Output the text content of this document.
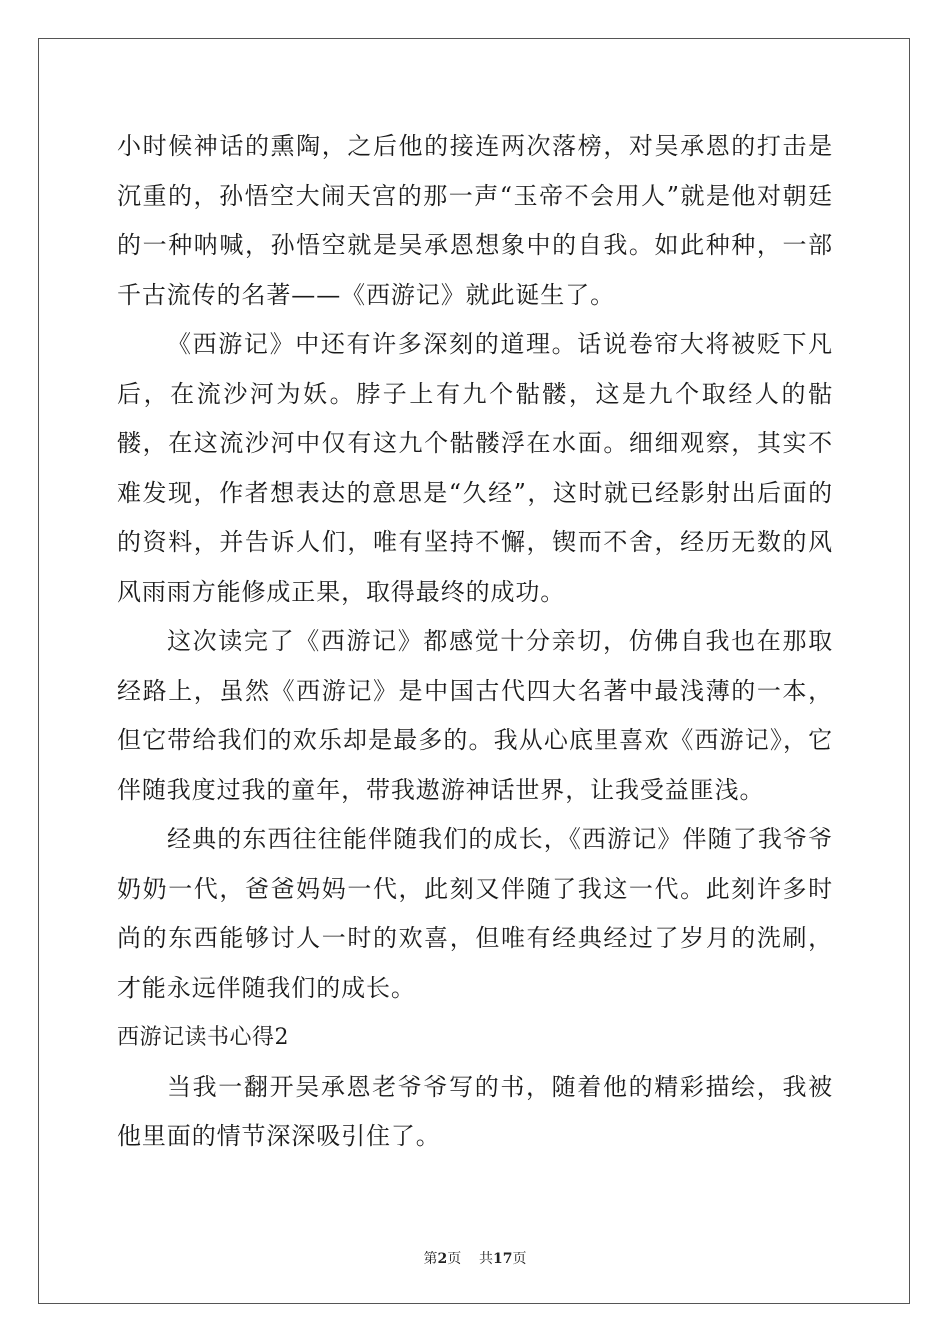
小时候神话的熏陶，之后他的接连两次落榜，对吴承恩的打击是沉重的，孙悟空大闹天宫的那一声“玉帝不会用人”就是他对朝廷的一种呐喊，孙悟空就是吴承恩想象中的自我。如此种种，一部千古流传的名著——《西游记》就此诞生了。

《西游记》中还有许多深刻的道理。话说卷帘大将被贬下凡后，在流沙河为妖。脖子上有九个骷髅，这是九个取经人的骷髅，在这流沙河中仅有这九个骷髅浮在水面。细细观察，其实不难发现，作者想表达的意思是“久经”，这时就已经影射出后面的的资料，并告诉人们，唯有坚持不懈，锲而不舍，经历无数的风风雨雨方能修成正果，取得最终的成功。

这次读完了《西游记》都感觉十分亲切，仿佛自我也在那取经路上，虽然《西游记》是中国古代四大名著中最浅薄的一本，但它带给我们的欢乐却是最多的。我从心底里喜欢《西游记》，它伴随我度过我的童年，带我遨游神话世界，让我受益匪浅。

经典的东西往往能伴随我们的成长，《西游记》伴随了我爷爷奶奶一代，爸爸妈妈一代，此刻又伴随了我这一代。此刻许多时尚的东西能够讨人一时的欢喜，但唯有经典经过了岁月的洗刷，才能永远伴随我们的成长。

西游记读书心得2

当我一翻开吴承恩老爷爷写的书，随着他的精彩描绘，我被他里面的情节深深吸引住了。

第2页 共17页
